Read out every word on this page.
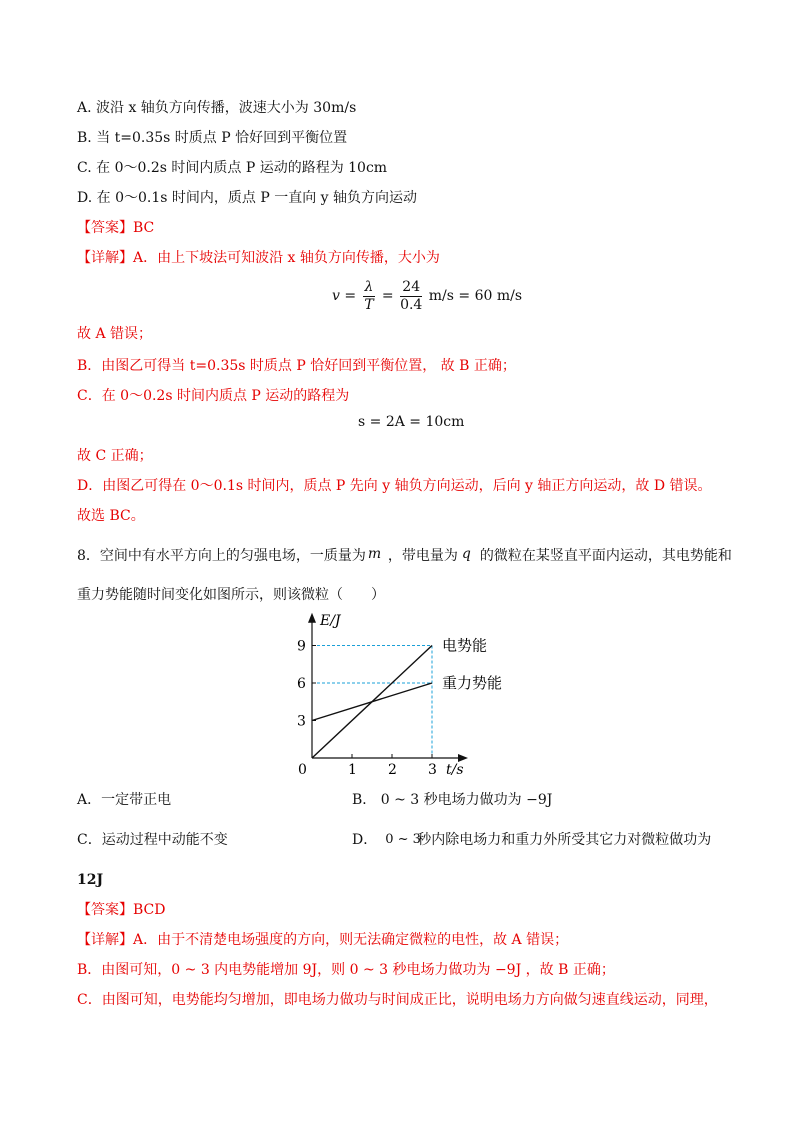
A. 波沿 x 轴负方向传播，波速大小为 30m/s
B. 当 t=0.35s 时质点 P 恰好回到平衡位置
C. 在 0～0.2s 时间内质点 P 运动的路程为 10cm
D. 在 0～0.1s 时间内，质点 P 一直向 y 轴负方向运动
【答案】BC
【详解】A．由上下坡法可知波沿 x 轴负方向传播，大小为
$v = \frac{\lambda}{T} = \frac{24}{0.4} m/s = 60$ m/s
故 A 错误；
B．由图乙可得当 t=0.35s 时质点 P 恰好回到平衡位置， 故 B 正确；
C．在 0～0.2s 时间内质点 P 运动的路程为
s = 2A = 10cm
故 C 正确；
D．由图乙可得在 0～0.1s 时间内，质点 P 先向 y 轴负方向运动，后向 y 轴正方向运动，故 D 错误。
故选 BC。
8．空间中有水平方向上的匀强电场，一质量为 m ，带电量为 q 的微粒在某竖直平面内运动，其电势能和
重力势能随时间变化如图所示，则该微粒（　　）
1 2 3
3
6
9
0
电势能
重力势能
E/J
t/s
A．一定带正电	B． 0 ~ 3 秒电场力做功为 −9J
C．运动过程中动能不变	D． 0 ~ 3
秒内除电场力和重力外所受其它力对微粒做功为
12J
【答案】BCD
【详解】A．由于不清楚电场强度的方向，则无法确定微粒的电性，故 A 错误；
B．由图可知，0 ~ 3 内电势能增加 9J，则 0 ~ 3 秒电场力做功为 −9J ，故 B 正确；
C．由图可知，电势能均匀增加，即电场力做功与时间成正比，说明电场力方向做匀速直线运动，同理，
